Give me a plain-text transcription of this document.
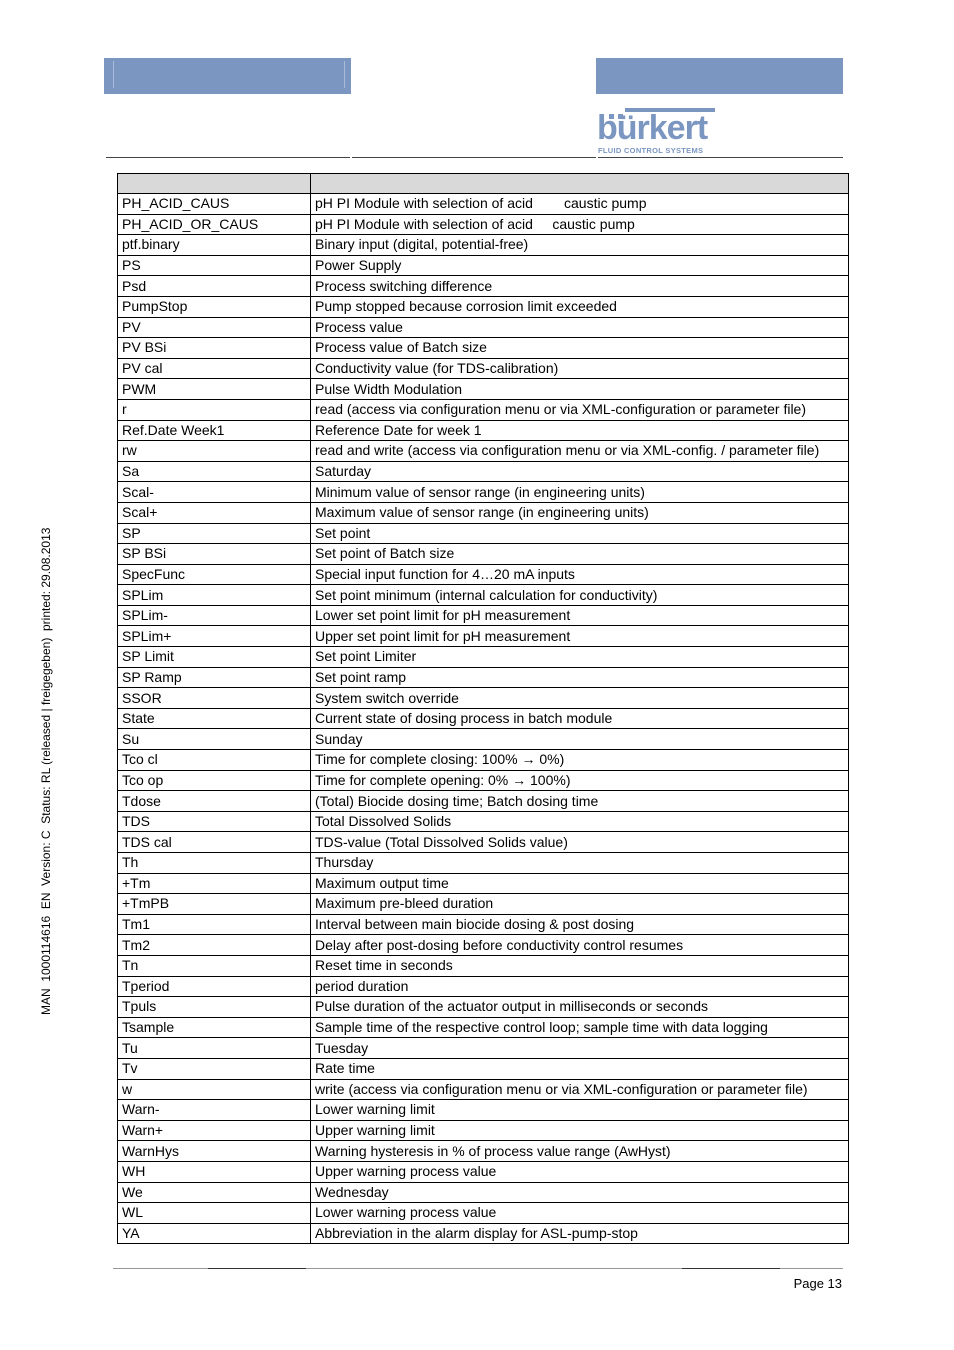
bürkert
FLUID CONTROL SYSTEMS
MAN  1000114616  EN  Version: C  Status: RL (released | freigegeben)  printed: 29.08.2013

PH_ACID_CAUS	pH PI Module with selection of acid        caustic pump
PH_ACID_OR_CAUS	pH PI Module with selection of acid     caustic pump
ptf.binary	Binary input (digital, potential-free)
PS	Power Supply
Psd	Process switching difference
PumpStop	Pump stopped because corrosion limit exceeded
PV	Process value
PV BSi	Process value of Batch size
PV cal	Conductivity value (for TDS-calibration)
PWM	Pulse Width Modulation
r	read (access via configuration menu or via XML-configuration or parameter file)
Ref.Date Week1	Reference Date for week 1
rw	read and write (access via configuration menu or via XML-config. / parameter file)
Sa	Saturday
Scal-	Minimum value of sensor range (in engineering units)
Scal+	Maximum value of sensor range (in engineering units)
SP	Set point
SP BSi	Set point of Batch size
SpecFunc	Special input function for 4…20 mA inputs
SPLim	Set point minimum (internal calculation for conductivity)
SPLim-	Lower set point limit for pH measurement
SPLim+	Upper set point limit for pH measurement
SP Limit	Set point Limiter
SP Ramp	Set point ramp
SSOR	System switch override
State	Current state of dosing process in batch module
Su	Sunday
Tco cl	Time for complete closing: 100% → 0%)
Tco op	Time for complete opening: 0% → 100%)
Tdose	(Total) Biocide dosing time; Batch dosing time
TDS	Total Dissolved Solids
TDS cal	TDS-value (Total Dissolved Solids value)
Th	Thursday
+Tm	Maximum output time
+TmPB	Maximum pre-bleed duration
Tm1	Interval between main biocide dosing & post dosing
Tm2	Delay after post-dosing before conductivity control resumes
Tn	Reset time in seconds
Tperiod	period duration
Tpuls	Pulse duration of the actuator output in milliseconds or seconds
Tsample	Sample time of the respective control loop; sample time with data logging
Tu	Tuesday
Tv	Rate time
w	write (access via configuration menu or via XML-configuration or parameter file)
Warn-	Lower warning limit
Warn+	Upper warning limit
WarnHys	Warning hysteresis in % of process value range (AwHyst)
WH	Upper warning process value
We	Wednesday
WL	Lower warning process value
YA	Abbreviation in the alarm display for ASL-pump-stop
Page 13
